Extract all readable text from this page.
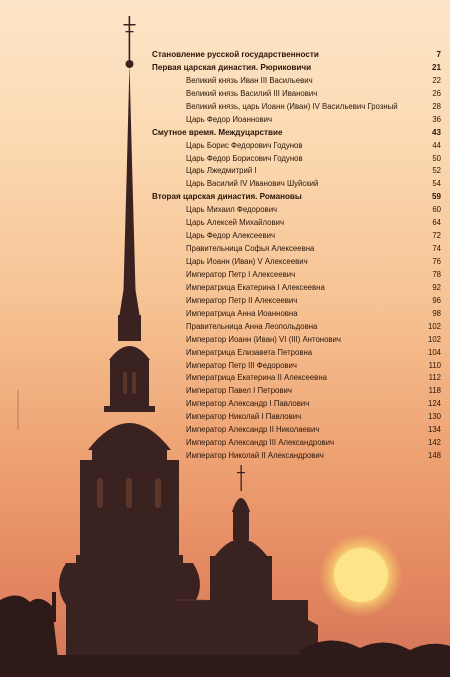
Становление русской государственности	7
Первая царская династия. Рюриковичи	21
Великий князь Иван III Васильевич	22
Великий князь Василий III Иванович	26
Великий князь, царь Иоанн (Иван) IV Васильевич Грозный	28
Царь Федор Иоаннович	36
Смутное время. Междуцарствие	43
Царь Борис Федорович Годунов	44
Царь Федор Борисович Годунов	50
Царь Лжедмитрий I	52
Царь Василий IV Иванович Шуйский	54
Вторая царская династия. Романовы	59
Царь Михаил Федорович	60
Царь Алексей Михайлович	64
Царь Федор Алексеевич	72
Правительница Софья Алексеевна	74
Царь Иоанн (Иван) V Алексеевич	76
Император Петр I Алексеевич	78
Императрица Екатерина I Алексеевна	92
Император Петр II Алексеевич	96
Императрица Анна Иоанновна	98
Правительница Анна Леопольдовна	102
Император Иоанн (Иван) VI (III) Антонович	102
Императрица Елизавета Петровна	104
Император Петр III Федорович	110
Императрица Екатерина II Алексеевна	112
Император Павел I Петрович	118
Император Александр I Павлович	124
Император Николай I Павлович	130
Император Александр II Николаевич	134
Император Александр III Александрович	142
Император Николай II Александрович	148
